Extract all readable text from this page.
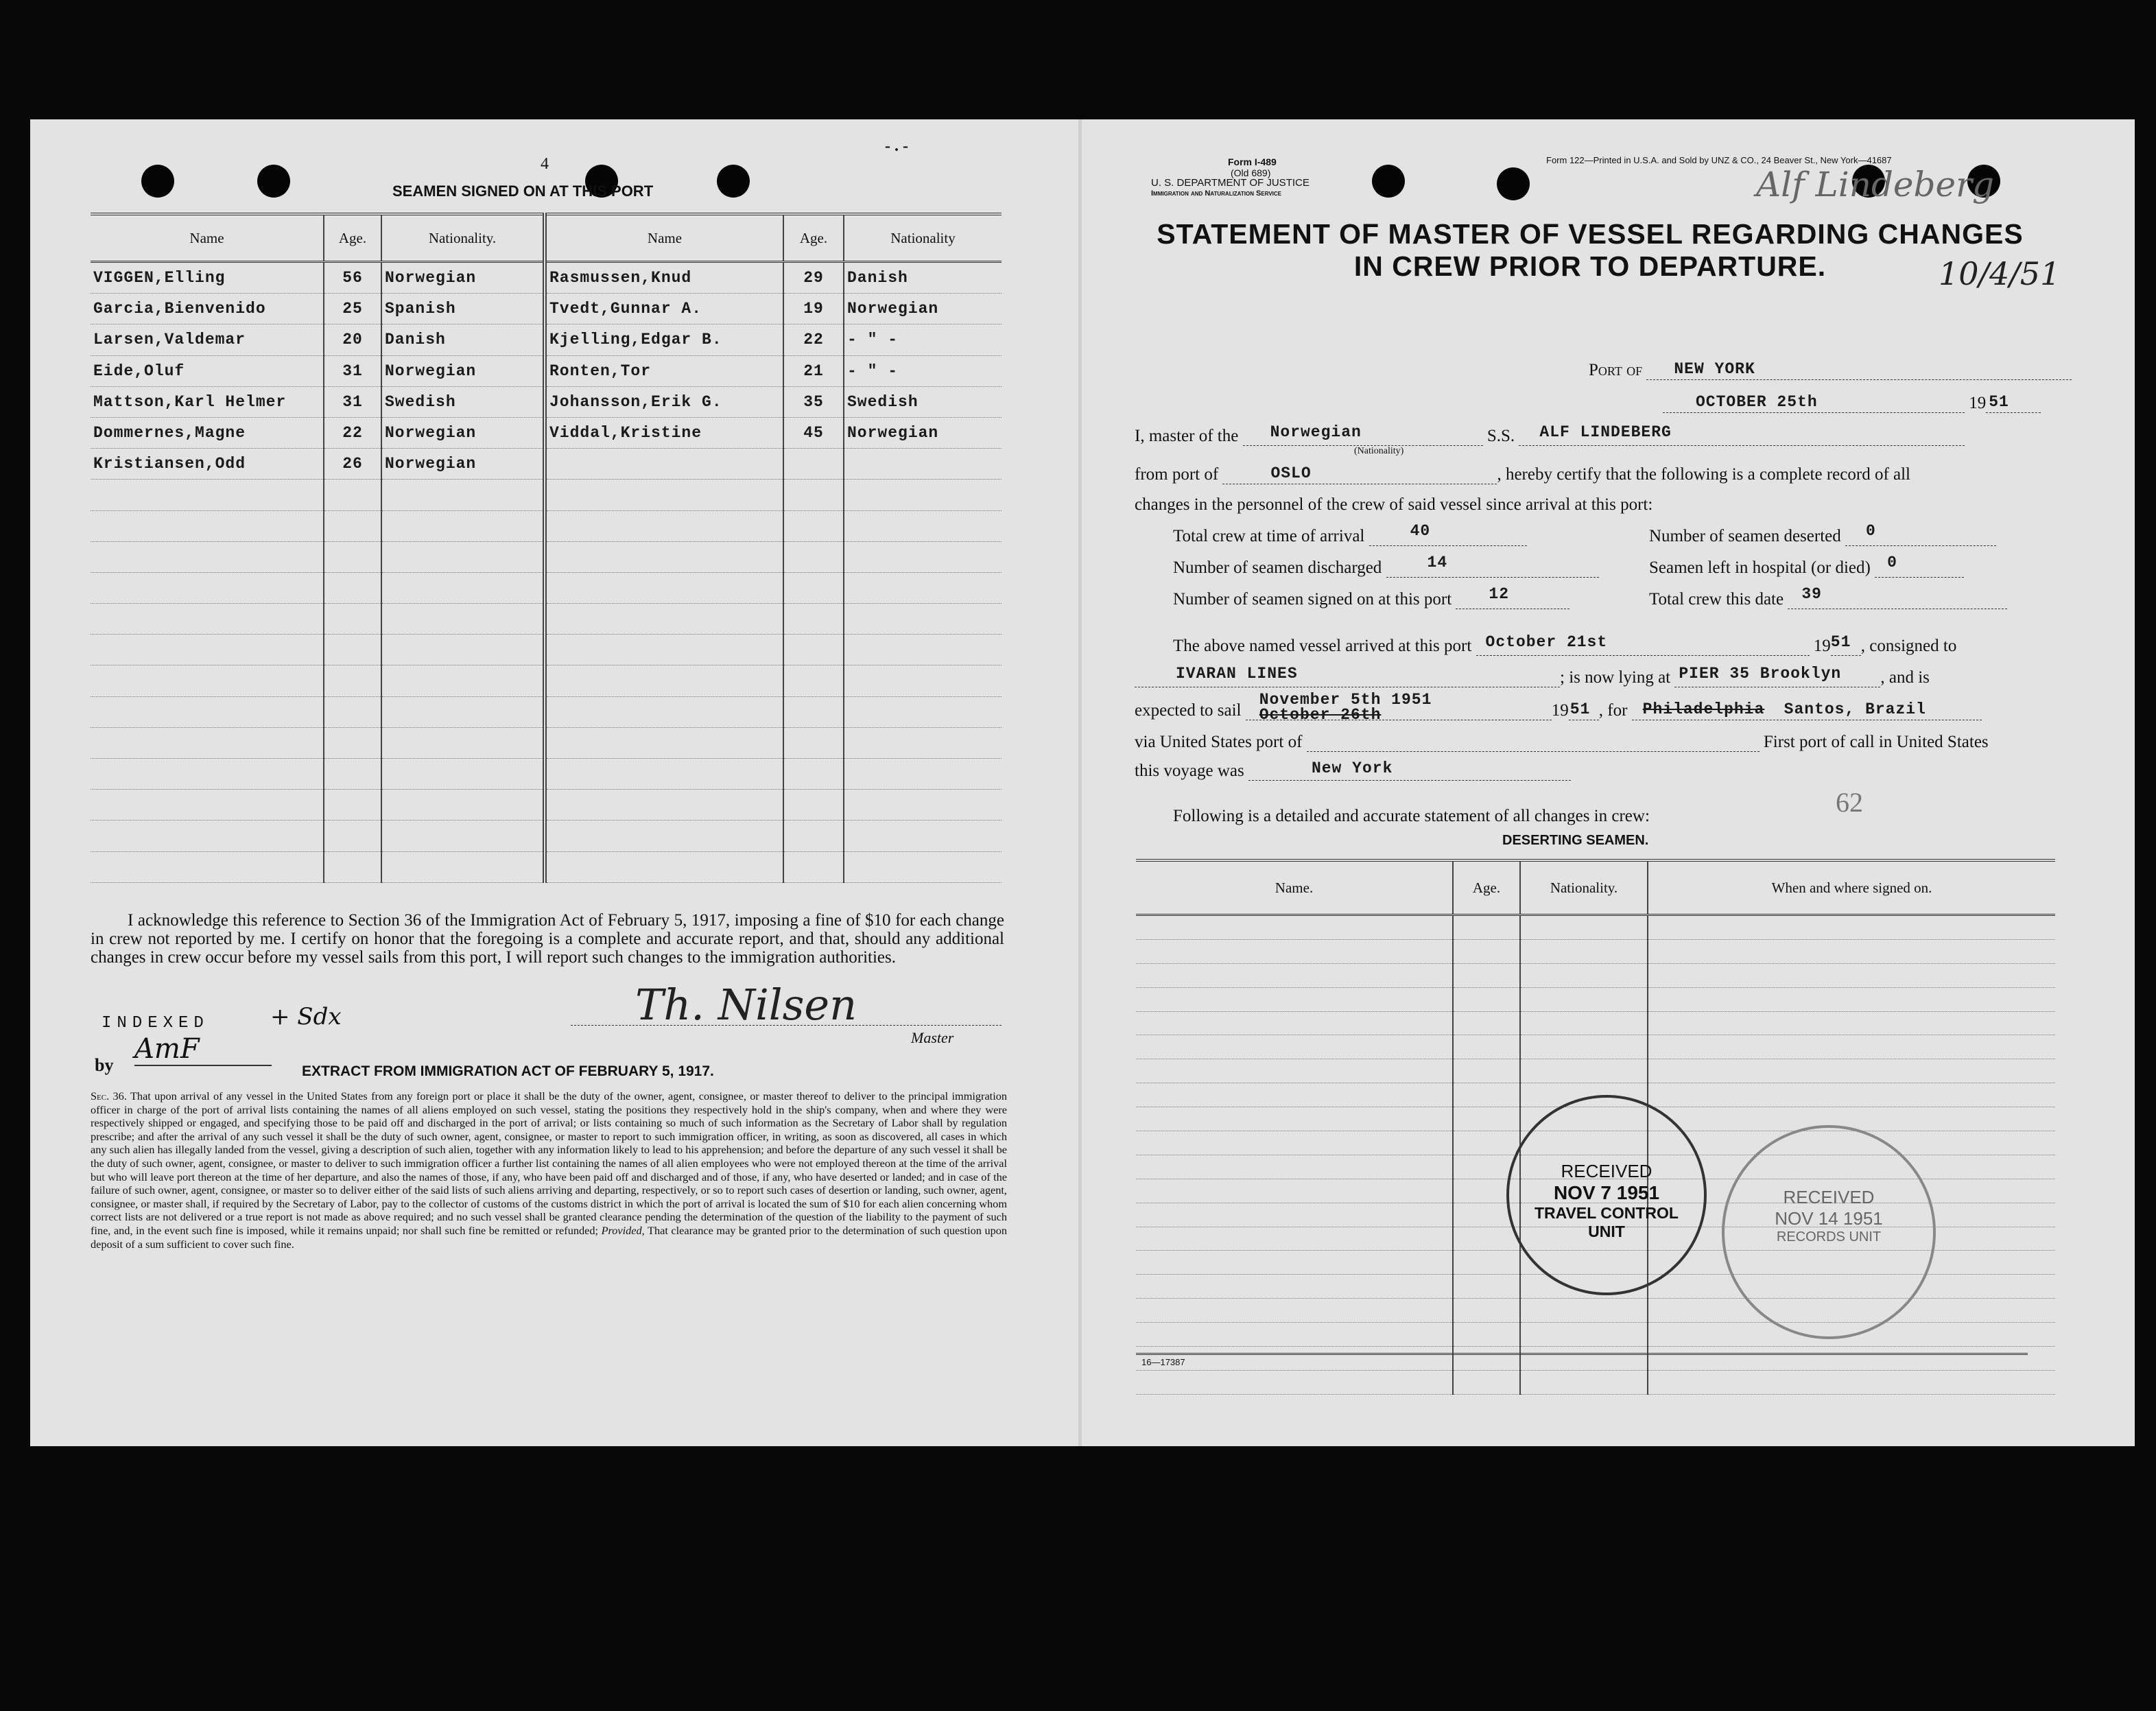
4
- . -
SEAMEN SIGNED ON AT THIS PORT
Name	Age.	Nationality.	Name	Age.	Nationality
VIGGEN,Elling	56	Norwegian	Rasmussen,Knud	29	Danish
Garcia,Bienvenido	25	Spanish	Tvedt,Gunnar A.	19	Norwegian
Larsen,Valdemar	20	Danish	Kjelling,Edgar B.	22	- " -
Eide,Oluf	31	Norwegian	Ronten,Tor	21	- " -
Mattson,Karl Helmer	31	Swedish	Johansson,Erik G.	35	Swedish
Dommernes,Magne	22	Norwegian	Viddal,Kristine	45	Norwegian
Kristiansen,Odd	26	Norwegian			

I acknowledge this reference to Section 36 of the Immigration Act of February 5, 1917, imposing a fine of $10 for each change in crew not reported by me. I certify on honor that the foregoing is a complete and accurate report, and that, should any additional changes in crew occur before my vessel sails from this port, I will report such changes to the immigration authorities.
INDEXED	+ Sdx
by
AmF
Th. Nilsen
Master
EXTRACT FROM IMMIGRATION ACT OF FEBRUARY 5, 1917.
Sec. 36. That upon arrival of any vessel in the United States from any foreign port or place it shall be the duty of the owner, agent, consignee, or master thereof to deliver to the principal immigration officer in charge of the port of arrival lists containing the names of all aliens employed on such vessel, stating the positions they respectively hold in the ship's company, when and where they were respectively shipped or engaged, and specifying those to be paid off and discharged in the port of arrival; or lists containing so much of such information as the Secretary of Labor shall by regulation prescribe; and after the arrival of any such vessel it shall be the duty of such owner, agent, consignee, or master to report to such immigration officer, in writing, as soon as discovered, all cases in which any such alien has illegally landed from the vessel, giving a description of such alien, together with any information likely to lead to his apprehension; and before the departure of any such vessel it shall be the duty of such owner, agent, consignee, or master to deliver to such immigration officer a further list containing the names of all alien employees who were not employed thereon at the time of the arrival but who will leave port thereon at the time of her departure, and also the names of those, if any, who have been paid off and discharged and of those, if any, who have deserted or landed; and in case of the failure of such owner, agent, consignee, or master so to deliver either of the said lists of such aliens arriving and departing, respectively, or so to report such cases of desertion or landing, such owner, agent, consignee, or master shall, if required by the Secretary of Labor, pay to the collector of customs of the customs district in which the port of arrival is located the sum of $10 for each alien concerning whom correct lists are not delivered or a true report is not made as above required; and no such vessel shall be granted clearance pending the determination of the question of the liability to the payment of such fine, and, in the event such fine is imposed, while it remains unpaid; nor shall such fine be remitted or refunded; Provided, That clearance may be granted prior to the determination of such question upon deposit of a sum sufficient to cover such fine.
Form I-489
(Old 689)
U. S. DEPARTMENT OF JUSTICE
Immigration and Naturalization Service
Form 122—Printed in U.S.A. and Sold by UNZ & CO., 24 Beaver St., New York—41687
Alf Lindeberg
10/4/51
STATEMENT OF MASTER OF VESSEL REGARDING CHANGES
IN CREW PRIOR TO DEPARTURE.
Port of NEW YORK
OCTOBER 25th	19 51
I, master of the Norwegian	S.S. ALF LINDEBERG
(Nationality)
from port of	OSLO	, hereby certify that the following is a complete record of all
changes in the personnel of the crew of said vessel since arrival at this port:
Total crew at time of arrival	40	Number of seamen deserted 0
Number of seamen discharged	14	Seamen left in hospital (or died) 0
Number of seamen signed on at this port 12	Total crew this date 39
The above named vessel arrived at this port October 21st	19 51 , consigned to
IVARAN LINES	; is now lying at PIER 35 Brooklyn , and is
expected to sail
November 5th 1951
October 26th	19 51 , for Philadelphia Santos, Brazil
via United States port of	First port of call in United States
this voyage was	New York
62
Following is a detailed and accurate statement of all changes in crew:
DESERTING SEAMEN.
Name.	Age.	Nationality.	When and where signed on.

RECEIVED
NOV 7 1951
TRAVEL CONTROL
UNIT
RECEIVED
NOV 14 1951
RECORDS UNIT
16—17387
